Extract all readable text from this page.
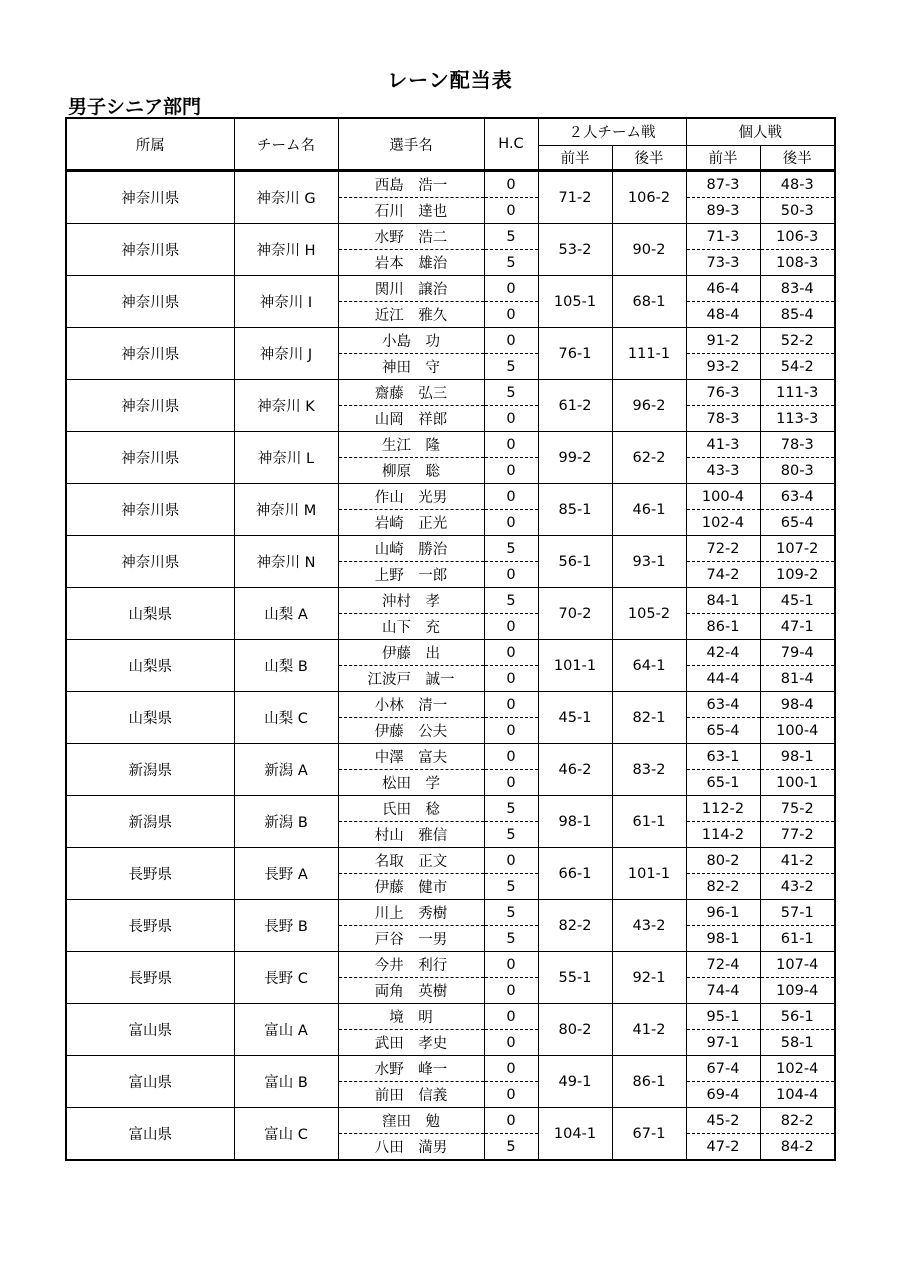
レーン配当表
男子シニア部門
所属	チーム名	選手名	H.C	２人チーム戦		個人戦	
				前半	後半	前半	後半
神奈川県	神奈川 G	西島　浩一	0	71-2	106-2	87-3	48-3
		石川　達也	0			89-3	50-3
神奈川県	神奈川 H	水野　浩二	5	53-2	90-2	71-3	106-3
		岩本　雄治	5			73-3	108-3
神奈川県	神奈川 I	関川　譲治	0	105-1	68-1	46-4	83-4
		近江　雅久	0			48-4	85-4
神奈川県	神奈川 J	小島　功	0	76-1	111-1	91-2	52-2
		神田　守	5			93-2	54-2
神奈川県	神奈川 K	齋藤　弘三	5	61-2	96-2	76-3	111-3
		山岡　祥郎	0			78-3	113-3
神奈川県	神奈川 L	生江　隆	0	99-2	62-2	41-3	78-3
		柳原　聡	0			43-3	80-3
神奈川県	神奈川 M	作山　光男	0	85-1	46-1	100-4	63-4
		岩崎　正光	0			102-4	65-4
神奈川県	神奈川 N	山崎　勝治	5	56-1	93-1	72-2	107-2
		上野　一郎	0			74-2	109-2
山梨県	山梨 A	沖村　孝	5	70-2	105-2	84-1	45-1
		山下　充	0			86-1	47-1
山梨県	山梨 B	伊藤　出	0	101-1	64-1	42-4	79-4
		江波戸　誠一	0			44-4	81-4
山梨県	山梨 C	小林　清一	0	45-1	82-1	63-4	98-4
		伊藤　公夫	0			65-4	100-4
新潟県	新潟 A	中澤　富夫	0	46-2	83-2	63-1	98-1
		松田　学	0			65-1	100-1
新潟県	新潟 B	氏田　稔	5	98-1	61-1	112-2	75-2
		村山　雅信	5			114-2	77-2
長野県	長野 A	名取　正文	0	66-1	101-1	80-2	41-2
		伊藤　健市	5			82-2	43-2
長野県	長野 B	川上　秀樹	5	82-2	43-2	96-1	57-1
		戸谷　一男	5			98-1	61-1
長野県	長野 C	今井　利行	0	55-1	92-1	72-4	107-4
		両角　英樹	0			74-4	109-4
富山県	富山 A	境　明	0	80-2	41-2	95-1	56-1
		武田　孝史	0			97-1	58-1
富山県	富山 B	水野　峰一	0	49-1	86-1	67-4	102-4
		前田　信義	0			69-4	104-4
富山県	富山 C	窪田　勉	0	104-1	67-1	45-2	82-2
		八田　満男	5			47-2	84-2
